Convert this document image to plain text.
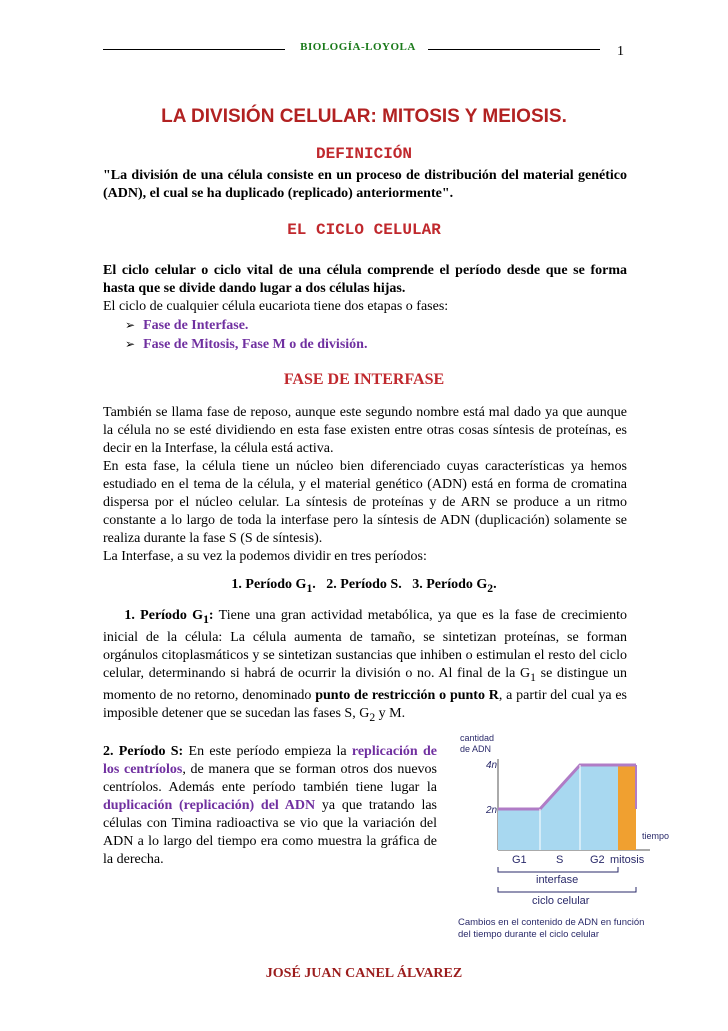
BIOLOGÍA-LOYOLA	1
LA DIVISIÓN CELULAR: MITOSIS Y MEIOSIS.
DEFINICIÓN
"La división de una célula consiste en un proceso de distribución del material genético (ADN), el cual se ha duplicado (replicado) anteriormente".
EL CICLO CELULAR
El ciclo celular o ciclo vital de una célula comprende el período desde que se forma hasta que se divide dando lugar a dos células hijas.
El ciclo de cualquier célula eucariota tiene dos etapas o fases:
➢ Fase de Interfase.
➢ Fase de Mitosis, Fase M o de división.
FASE DE INTERFASE
También se llama fase de reposo, aunque este segundo nombre está mal dado ya que aunque la célula no se esté dividiendo en esta fase existen entre otras cosas síntesis de proteínas, es decir en la Interfase, la célula está activa.
En esta fase, la célula tiene un núcleo bien diferenciado cuyas características ya hemos estudiado en el tema de la célula, y el material genético (ADN) está en forma de cromatina dispersa por el núcleo celular. La síntesis de proteínas y de ARN se produce a un ritmo constante a lo largo de toda la interfase pero la síntesis de ADN (duplicación) solamente se realiza durante la fase S (S de síntesis).
La Interfase, a su vez la podemos dividir en tres períodos:
1. Período $G_1$.   2. Período S. 3. Período $G_2$.
1. Período $G_1$: Tiene una gran actividad metabólica, ya que es la fase de crecimiento inicial de la célula: La célula aumenta de tamaño, se sintetizan proteínas, se forman orgánulos citoplasmáticos y se sintetizan sustancias que inhiben o estimulan el resto del ciclo celular, determinando si habrá de ocurrir la división o no. Al final de la $G_1$ se distingue un momento de no retorno, denominado punto de restricción o punto R, a partir del cual ya es imposible detener que se sucedan las fases S, $G_2$ y M.
2. Período S: En este período empieza la replicación de los centríolos, de manera que se forman otros dos nuevos centríolos. Además ente período también tiene lugar la duplicación (replicación) del ADN ya que tratando las células con Timina radioactiva se vio que la variación del ADN a lo largo del tiempo era como muestra la gráfica de la derecha.
cantidad
de ADN
4n
2n
tiempo
G1	S G2 mitosis
interfase
ciclo celular
Cambios en el contenido de ADN en función
del tiempo durante el ciclo celular
JOSÉ JUAN CANEL ÁLVAREZ
